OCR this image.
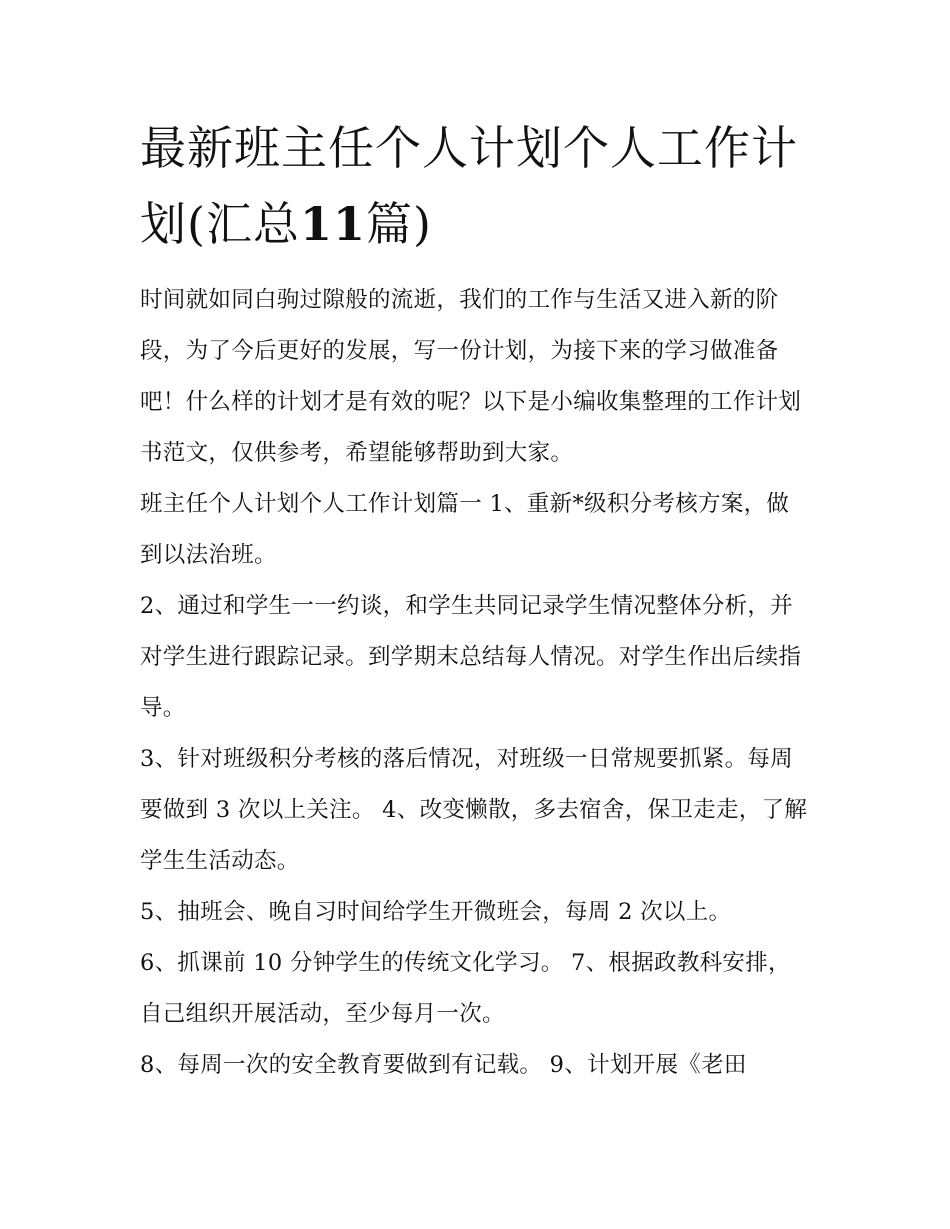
最新班主任个人计划个人工作计划(汇总11篇)

时间就如同白驹过隙般的流逝，我们的工作与生活又进入新的阶段，为了今后更好的发展，写一份计划，为接下来的学习做准备吧！什么样的计划才是有效的呢？以下是小编收集整理的工作计划书范文，仅供参考，希望能够帮助到大家。

班主任个人计划个人工作计划篇一 1、重新*级积分考核方案，做到以法治班。

2、通过和学生一一约谈，和学生共同记录学生情况整体分析，并对学生进行跟踪记录。到学期末总结每人情况。对学生作出后续指导。

3、针对班级积分考核的落后情况，对班级一日常规要抓紧。每周要做到 3 次以上关注。 4、改变懒散，多去宿舍，保卫走走，了解学生生活动态。

5、抽班会、晚自习时间给学生开微班会，每周 2 次以上。

6、抓课前 10 分钟学生的传统文化学习。 7、根据政教科安排，自己组织开展活动，至少每月一次。

8、每周一次的安全教育要做到有记载。 9、计划开展《老田
